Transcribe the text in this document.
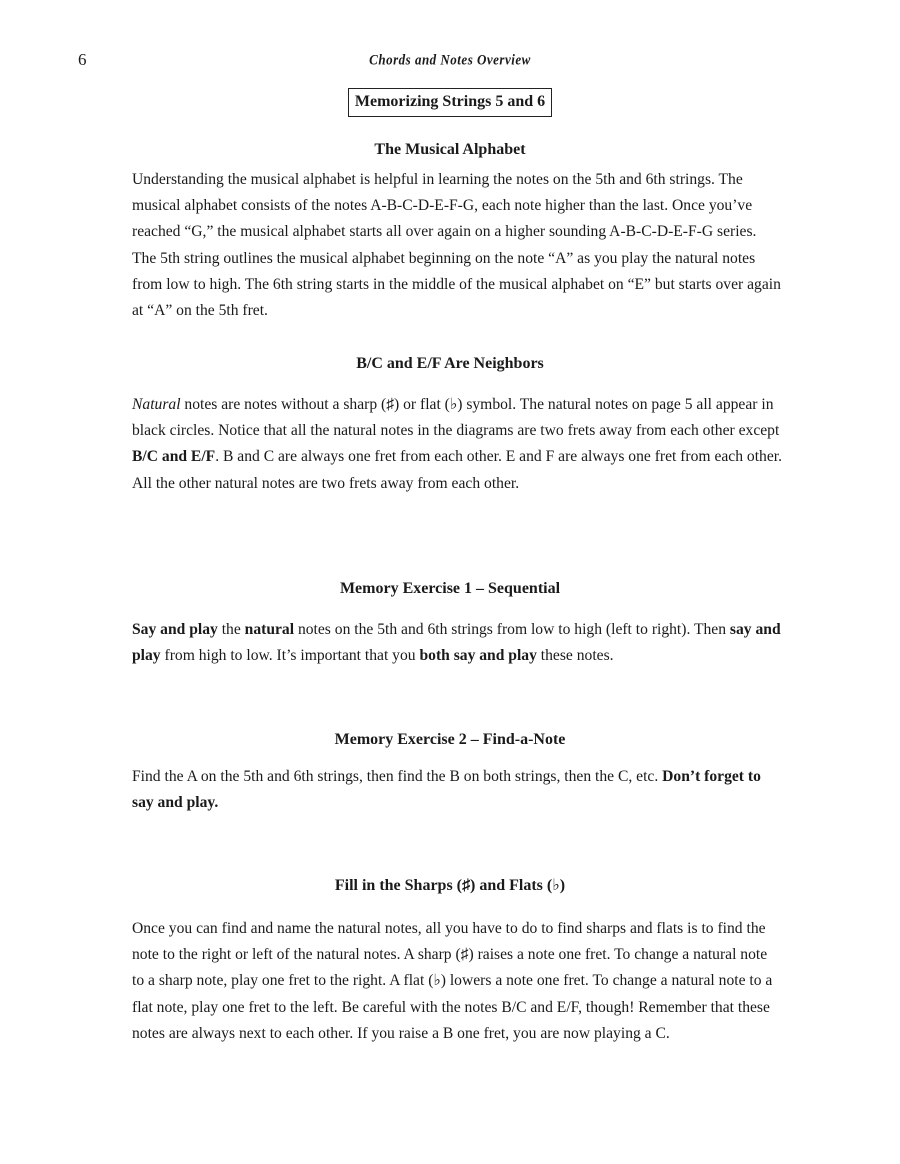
6	Chords and Notes Overview
Memorizing Strings 5 and 6
The Musical Alphabet

Understanding the musical alphabet is helpful in learning the notes on the 5th and 6th strings. The musical alphabet consists of the notes A-B-C-D-E-F-G, each note higher than the last. Once you’ve reached “G,” the musical alphabet starts all over again on a higher sounding A-B-C-D-E-F-G series. The 5th string outlines the musical alphabet beginning on the note “A” as you play the natural notes from low to high. The 6th string starts in the middle of the musical alphabet on “E” but starts over again at “A” on the 5th fret.

B/C and E/F Are Neighbors

Natural notes are notes without a sharp (♯) or flat (♭) symbol. The natural notes on page 5 all appear in black circles. Notice that all the natural notes in the diagrams are two frets away from each other except B/C and E/F. B and C are always one fret from each other. E and F are always one fret from each other. All the other natural notes are two frets away from each other.

Memory Exercise 1 – Sequential

Say and play the natural notes on the 5th and 6th strings from low to high (left to right). Then say and play from high to low. It’s important that you both say and play these notes.

Memory Exercise 2 – Find-a-Note

Find the A on the 5th and 6th strings, then find the B on both strings, then the C, etc. Don’t forget to say and play.

Fill in the Sharps (♯) and Flats (♭)

Once you can find and name the natural notes, all you have to do to find sharps and flats is to find the note to the right or left of the natural notes. A sharp (♯) raises a note one fret. To change a natural note to a sharp note, play one fret to the right. A flat (♭) lowers a note one fret. To change a natural note to a flat note, play one fret to the left. Be careful with the notes B/C and E/F, though! Remember that these notes are always next to each other. If you raise a B one fret, you are now playing a C.
